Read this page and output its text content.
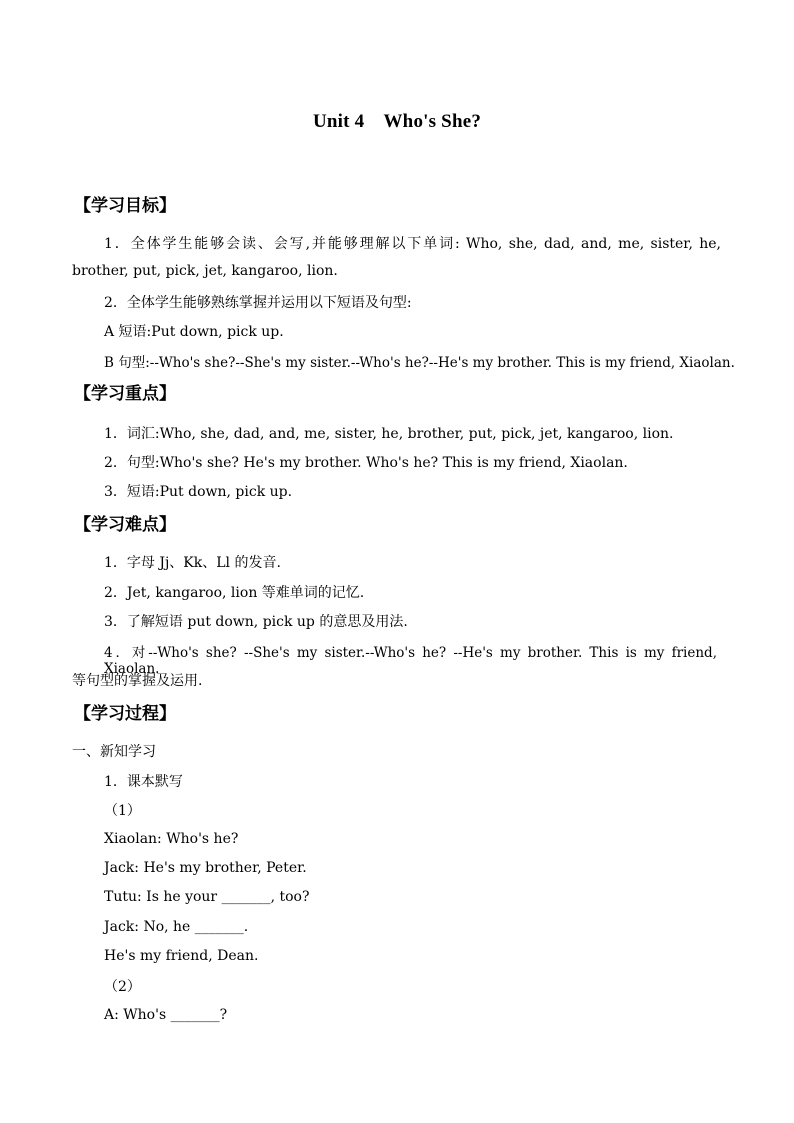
Unit 4　Who's She?
【学习目标】
1．全体学生能够会读、会写,并能够理解以下单词: Who, she, dad, and, me, sister, he,
brother, put, pick, jet, kangaroo, lion.
2．全体学生能够熟练掌握并运用以下短语及句型:
A 短语:Put down, pick up.
B 句型:--Who's she?--She's my sister.--Who's he?--He's my brother. This is my friend, Xiaolan.
【学习重点】
1．词汇:Who, she, dad, and, me, sister, he, brother, put, pick, jet, kangaroo, lion.
2．句型:Who's she? He's my brother. Who's he? This is my friend, Xiaolan.
3．短语:Put down, pick up.
【学习难点】
1．字母 Jj、Kk、Ll 的发音.
2．Jet, kangaroo, lion 等难单词的记忆.
3．了解短语 put down, pick up 的意思及用法.
4．对--Who's she? --She's my sister.--Who's he? --He's my brother. This is my friend, Xiaolan.
等句型的掌握及运用.
【学习过程】
一、新知学习
1．课本默写
（1）
Xiaolan: Who's he?
Jack: He's my brother, Peter.
Tutu: Is he your _______, too?
Jack: No, he _______.
He's my friend, Dean.
（2）
A: Who's _______?
